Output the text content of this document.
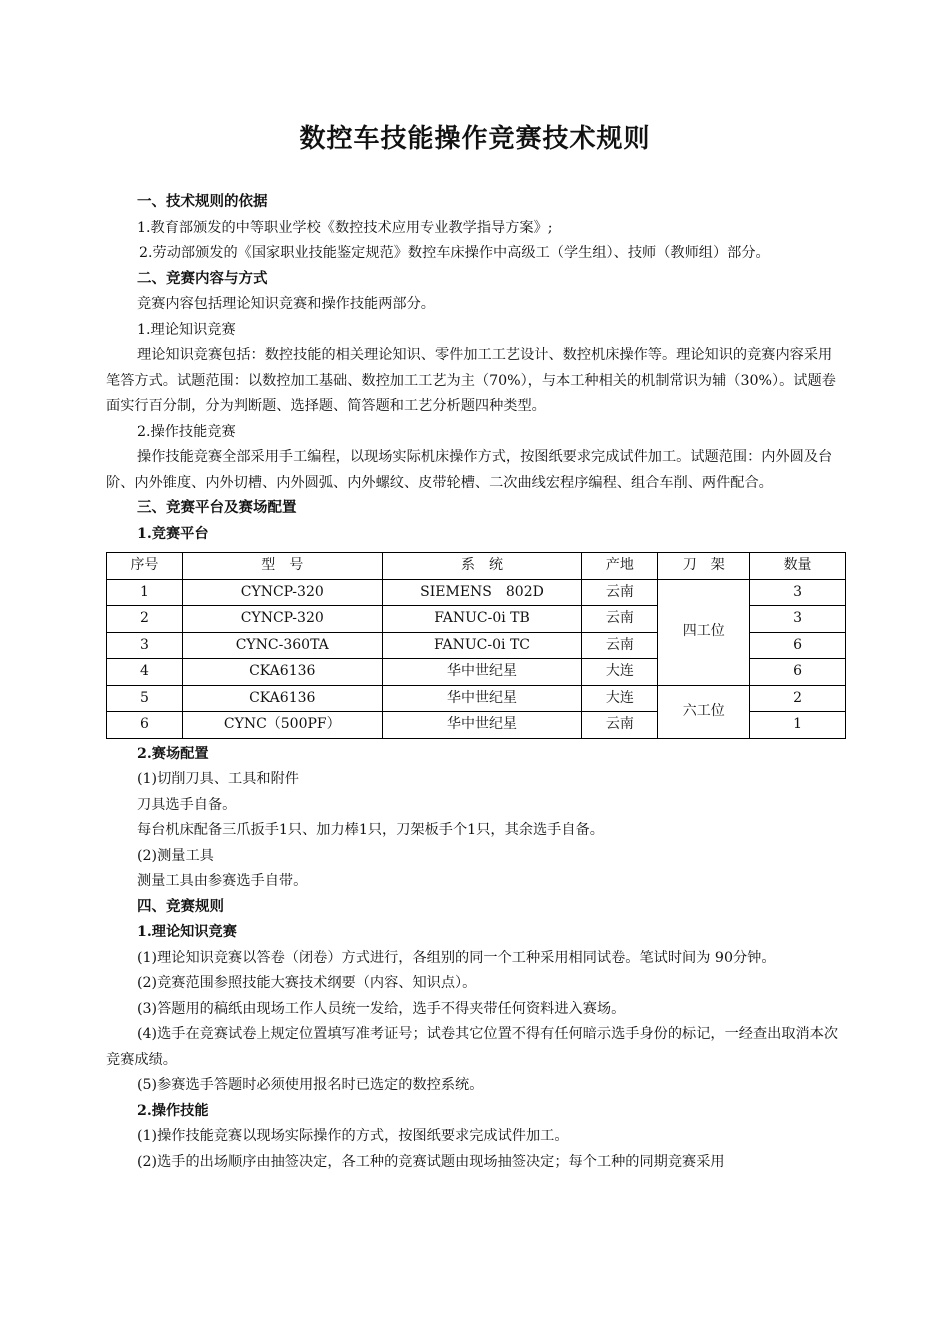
数控车技能操作竞赛技术规则

一、技术规则的依据

1.教育部颁发的中等职业学校《数控技术应用专业教学指导方案》;

2.劳动部颁发的《国家职业技能鉴定规范》数控车床操作中高级工（学生组）、技师（教师组）部分。

二、竞赛内容与方式

竞赛内容包括理论知识竞赛和操作技能两部分。

1.理论知识竞赛

理论知识竞赛包括：数控技能的相关理论知识、零件加工工艺设计、数控机床操作等。理论知识的竞赛内容采用笔答方式。试题范围：以数控加工基础、数控加工工艺为主（70%），与本工种相关的机制常识为辅（30%）。试题卷面实行百分制，分为判断题、选择题、简答题和工艺分析题四种类型。

2.操作技能竞赛

操作技能竞赛全部采用手工编程，以现场实际机床操作方式，按图纸要求完成试件加工。试题范围：内外圆及台阶、内外锥度、内外切槽、内外圆弧、内外螺纹、皮带轮槽、二次曲线宏程序编程、组合车削、两件配合。

三、竞赛平台及赛场配置

1.竞赛平台

序号	型　号	系　统	产地	刀　架	数量
1	CYNCP-320	SIEMENS　802D	云南	四工位	3
2	CYNCP-320	FANUC-0i TB	云南		3
3	CYNC-360TA	FANUC-0i TC	云南		6
4	CKA6136	华中世纪星	大连		6
5	CKA6136	华中世纪星	大连	六工位	2
6	CYNC（500PF）	华中世纪星	云南		1

2.赛场配置

(1)切削刀具、工具和附件

刀具选手自备。

每台机床配备三爪扳手1只、加力棒1只，刀架板手个1只，其余选手自备。

(2)测量工具

测量工具由参赛选手自带。

四、竞赛规则

1.理论知识竞赛

(1)理论知识竞赛以答卷（闭卷）方式进行，各组别的同一个工种采用相同试卷。笔试时间为 90分钟。

(2)竞赛范围参照技能大赛技术纲要（内容、知识点）。

(3)答题用的稿纸由现场工作人员统一发给，选手不得夹带任何资料进入赛场。

(4)选手在竞赛试卷上规定位置填写准考证号；试卷其它位置不得有任何暗示选手身份的标记，一经查出取消本次竞赛成绩。

(5)参赛选手答题时必须使用报名时已选定的数控系统。

2.操作技能

(1)操作技能竞赛以现场实际操作的方式，按图纸要求完成试件加工。

(2)选手的出场顺序由抽签决定，各工种的竞赛试题由现场抽签决定；每个工种的同期竞赛采用
